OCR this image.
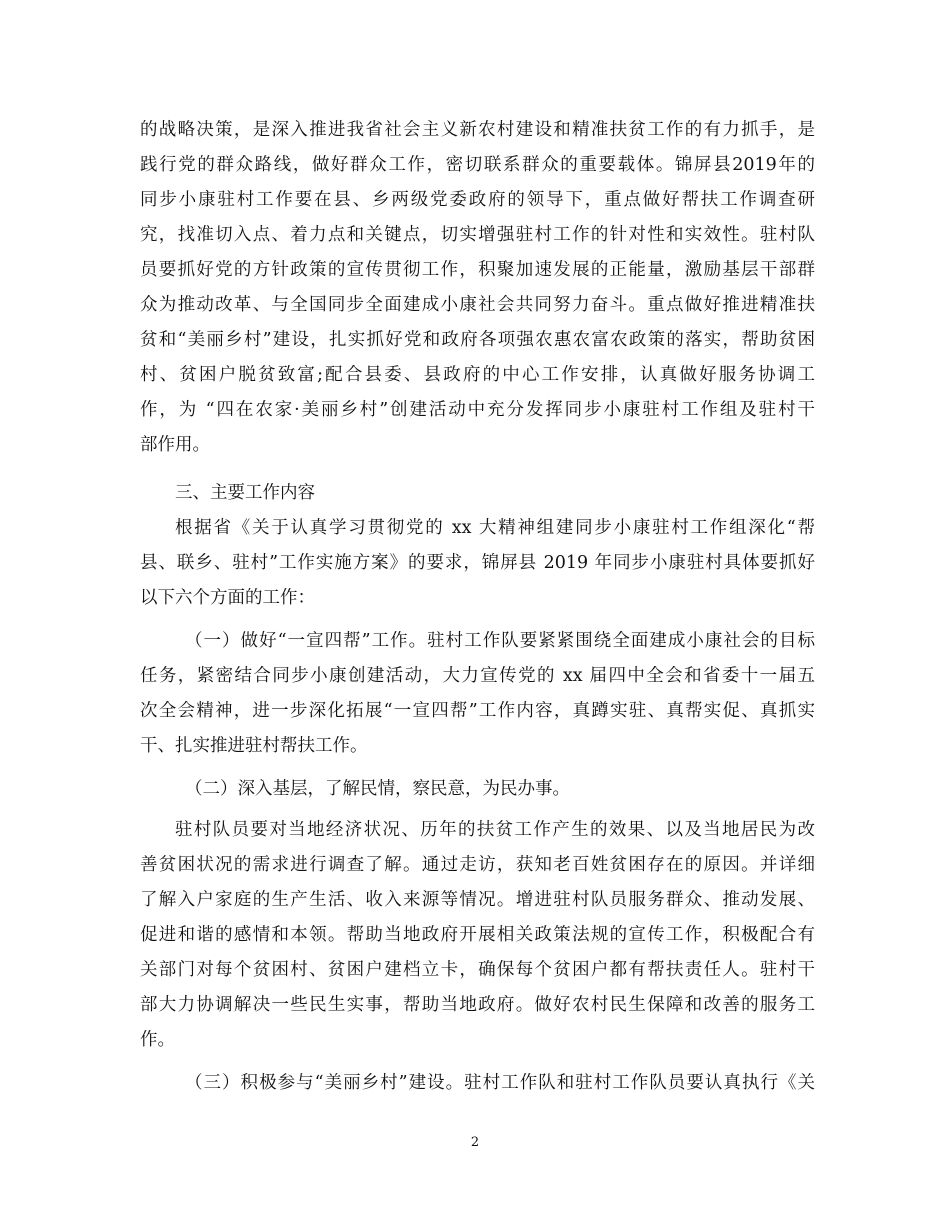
的战略决策，是深入推进我省社会主义新农村建设和精准扶贫工作的有力抓手，是
践行党的群众路线，做好群众工作，密切联系群众的重要载体。锦屏县2019年的
同步小康驻村工作要在县、乡两级党委政府的领导下，重点做好帮扶工作调查研
究，找准切入点、着力点和关键点，切实增强驻村工作的针对性和实效性。驻村队
员要抓好党的方针政策的宣传贯彻工作，积聚加速发展的正能量，激励基层干部群
众为推动改革、与全国同步全面建成小康社会共同努力奋斗。重点做好推进精准扶
贫和“美丽乡村”建设，扎实抓好党和政府各项强农惠农富农政策的落实，帮助贫困
村、贫困户脱贫致富;配合县委、县政府的中心工作安排，认真做好服务协调工
作，为 “四在农家·美丽乡村”创建活动中充分发挥同步小康驻村工作组及驻村干
部作用。
三、主要工作内容
根据省《关于认真学习贯彻党的 xx 大精神组建同步小康驻村工作组深化“帮
县、联乡、驻村”工作实施方案》的要求，锦屏县 2019 年同步小康驻村具体要抓好
以下六个方面的工作：
（一）做好“一宣四帮”工作。驻村工作队要紧紧围绕全面建成小康社会的目标
任务，紧密结合同步小康创建活动，大力宣传党的 xx 届四中全会和省委十一届五
次全会精神，进一步深化拓展“一宣四帮”工作内容，真蹲实驻、真帮实促、真抓实
干、扎实推进驻村帮扶工作。
（二）深入基层，了解民情，察民意，为民办事。
驻村队员要对当地经济状况、历年的扶贫工作产生的效果、以及当地居民为改
善贫困状况的需求进行调查了解。通过走访，获知老百姓贫困存在的原因。并详细
了解入户家庭的生产生活、收入来源等情况。增进驻村队员服务群众、推动发展、
促进和谐的感情和本领。帮助当地政府开展相关政策法规的宣传工作，积极配合有
关部门对每个贫困村、贫困户建档立卡，确保每个贫困户都有帮扶责任人。驻村干
部大力协调解决一些民生实事，帮助当地政府。做好农村民生保障和改善的服务工
作。
（三）积极参与“美丽乡村”建设。驻村工作队和驻村工作队员要认真执行《关
2
